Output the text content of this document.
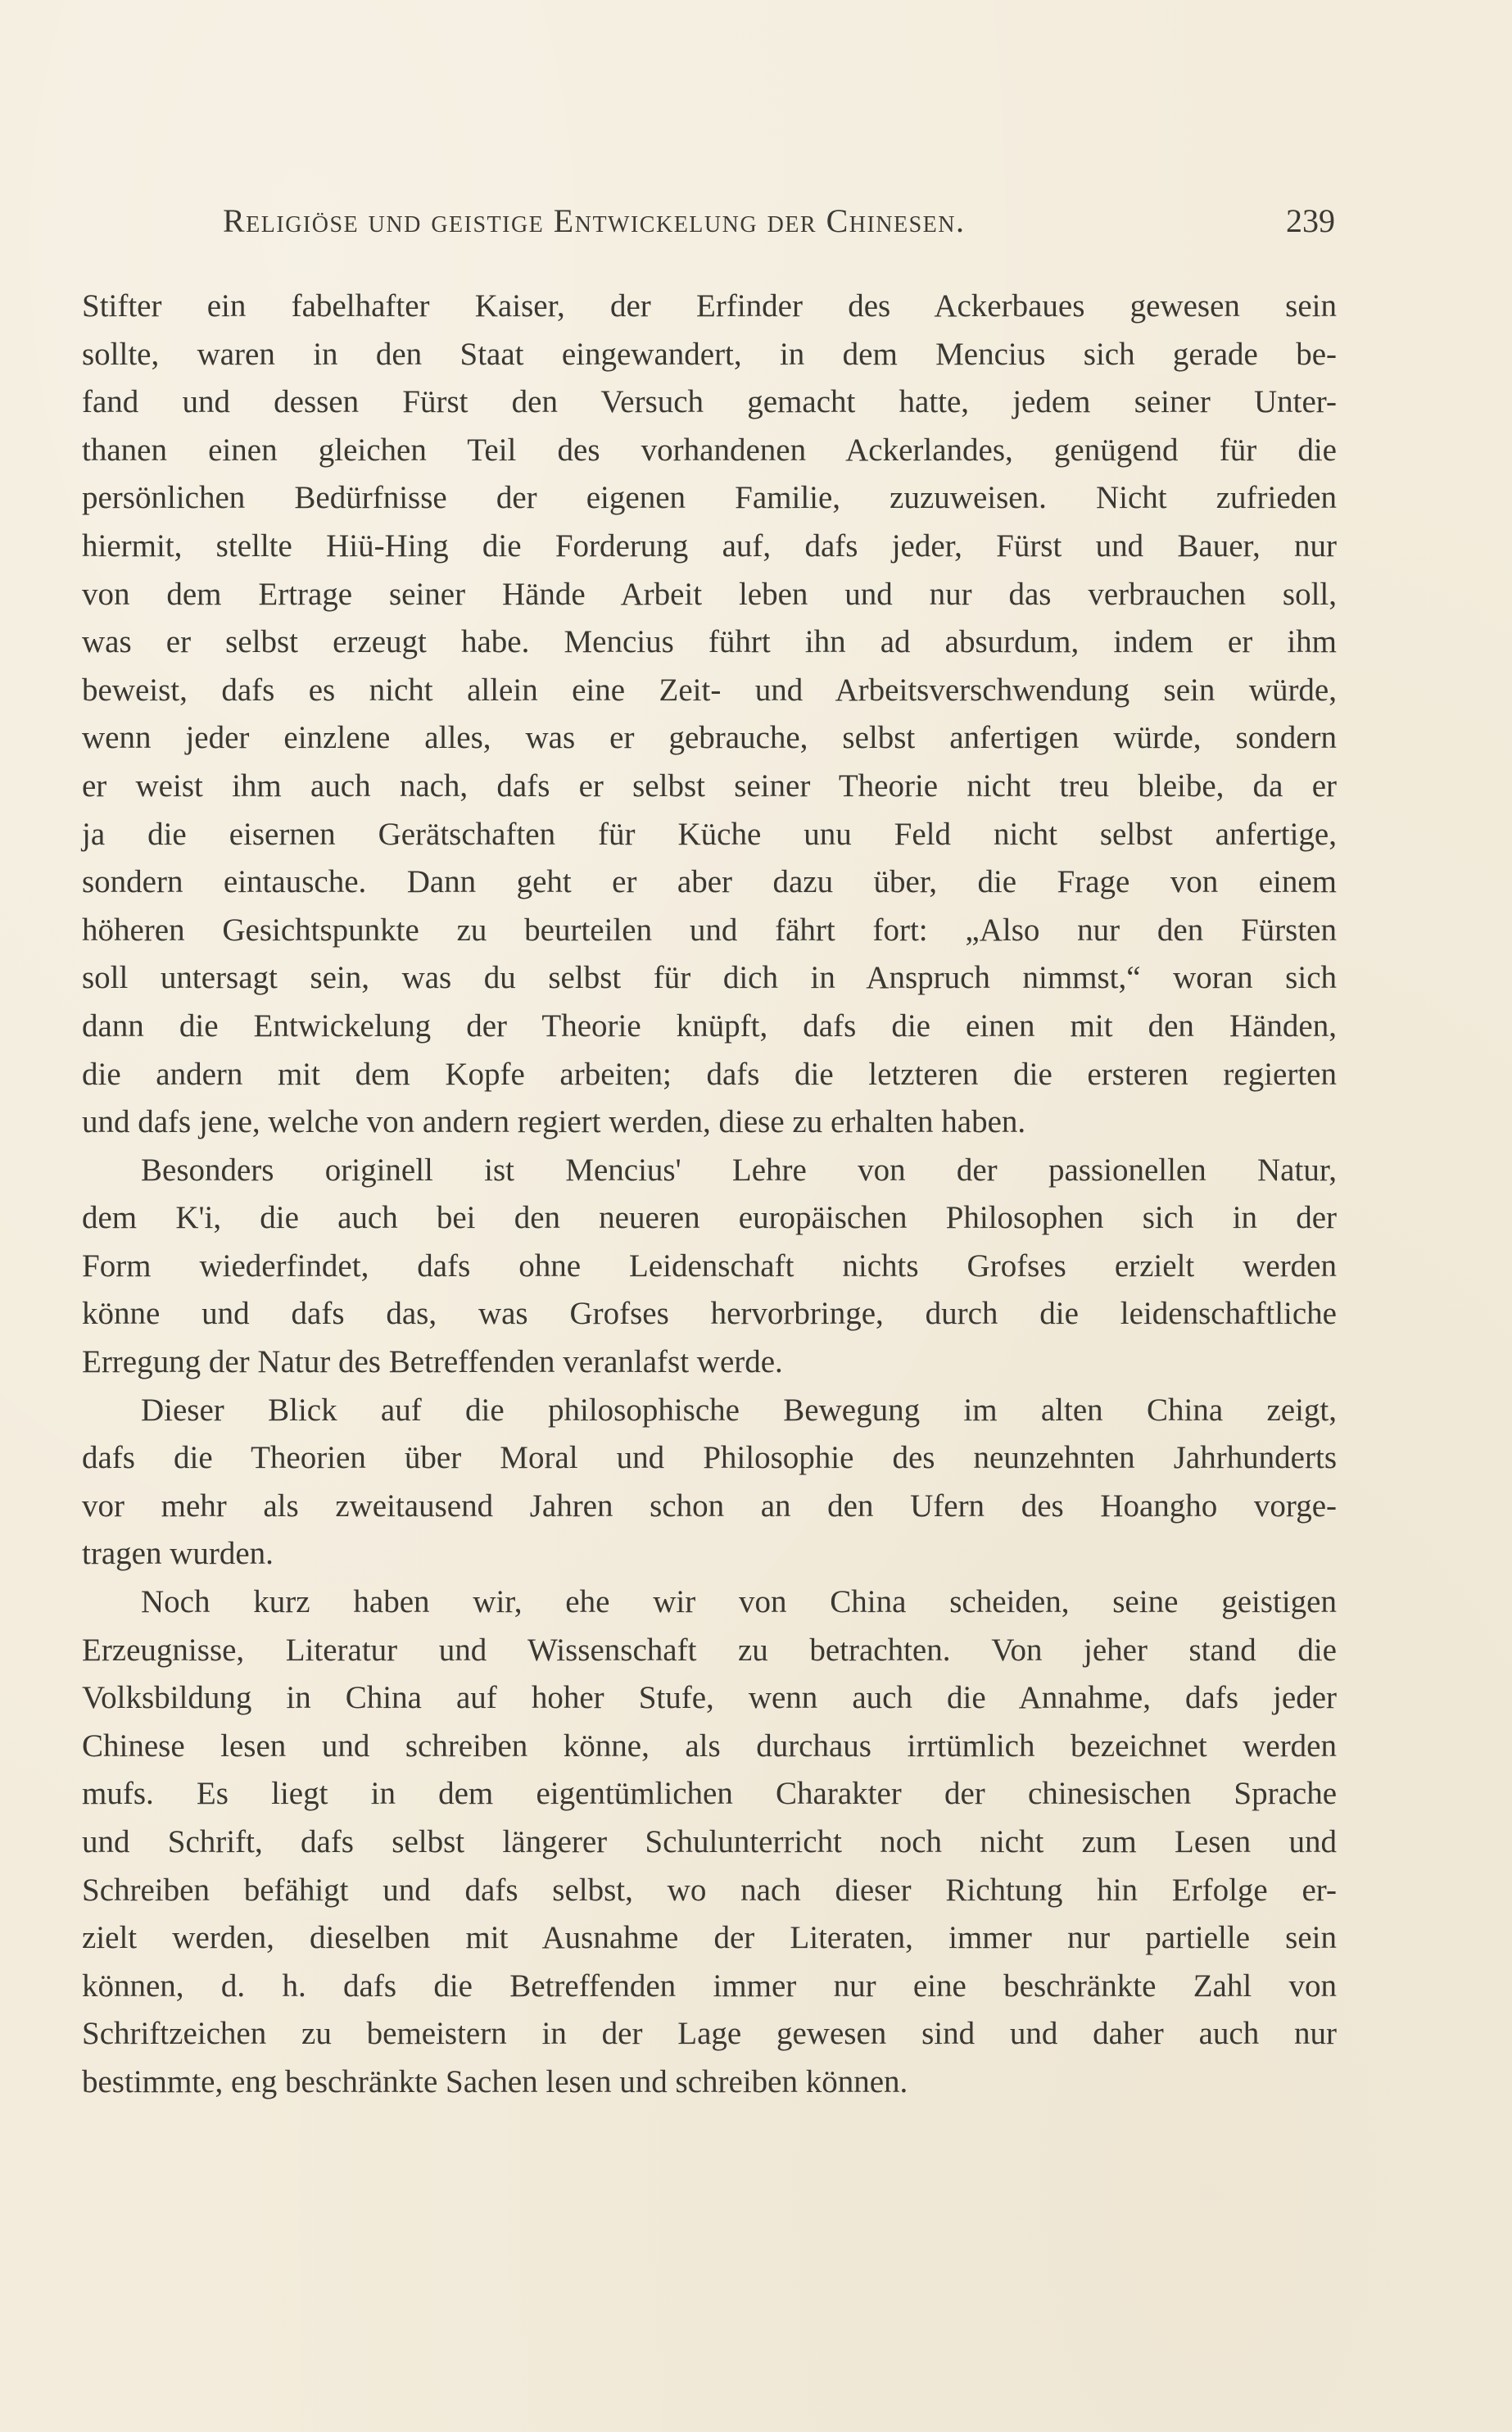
Religiöse und geistige Entwickelung der Chinesen.	239
Stifter ein fabelhafter Kaiser, der Erfinder des Ackerbaues gewesen sein
sollte, waren in den Staat eingewandert, in dem Mencius sich gerade be-
fand und dessen Fürst den Versuch gemacht hatte, jedem seiner Unter-
thanen einen gleichen Teil des vorhandenen Ackerlandes, genügend für die
persönlichen Bedürfnisse der eigenen Familie, zuzuweisen. Nicht zufrieden
hiermit, stellte Hiü-Hing die Forderung auf, dafs jeder, Fürst und Bauer, nur
von dem Ertrage seiner Hände Arbeit leben und nur das verbrauchen soll,
was er selbst erzeugt habe. Mencius führt ihn ad absurdum, indem er ihm
beweist, dafs es nicht allein eine Zeit- und Arbeitsverschwendung sein würde,
wenn jeder einzlene alles, was er gebrauche, selbst anfertigen würde, sondern
er weist ihm auch nach, dafs er selbst seiner Theorie nicht treu bleibe, da er
ja die eisernen Gerätschaften für Küche unu Feld nicht selbst anfertige,
sondern eintausche. Dann geht er aber dazu über, die Frage von einem
höheren Gesichtspunkte zu beurteilen und fährt fort: „Also nur den Fürsten
soll untersagt sein, was du selbst für dich in Anspruch nimmst,“ woran sich
dann die Entwickelung der Theorie knüpft, dafs die einen mit den Händen,
die andern mit dem Kopfe arbeiten; dafs die letzteren die ersteren regierten
und dafs jene, welche von andern regiert werden, diese zu erhalten haben.
Besonders originell ist Mencius' Lehre von der passionellen Natur,
dem K'i, die auch bei den neueren europäischen Philosophen sich in der
Form wiederfindet, dafs ohne Leidenschaft nichts Grofses erzielt werden
könne und dafs das, was Grofses hervorbringe, durch die leidenschaftliche
Erregung der Natur des Betreffenden veranlafst werde.
Dieser Blick auf die philosophische Bewegung im alten China zeigt,
dafs die Theorien über Moral und Philosophie des neunzehnten Jahrhunderts
vor mehr als zweitausend Jahren schon an den Ufern des Hoangho vorge-
tragen wurden.
Noch kurz haben wir, ehe wir von China scheiden, seine geistigen
Erzeugnisse, Literatur und Wissenschaft zu betrachten. Von jeher stand die
Volksbildung in China auf hoher Stufe, wenn auch die Annahme, dafs jeder
Chinese lesen und schreiben könne, als durchaus irrtümlich bezeichnet werden
mufs. Es liegt in dem eigentümlichen Charakter der chinesischen Sprache
und Schrift, dafs selbst längerer Schulunterricht noch nicht zum Lesen und
Schreiben befähigt und dafs selbst, wo nach dieser Richtung hin Erfolge er-
zielt werden, dieselben mit Ausnahme der Literaten, immer nur partielle sein
können, d. h. dafs die Betreffenden immer nur eine beschränkte Zahl von
Schriftzeichen zu bemeistern in der Lage gewesen sind und daher auch nur
bestimmte, eng beschränkte Sachen lesen und schreiben können.
